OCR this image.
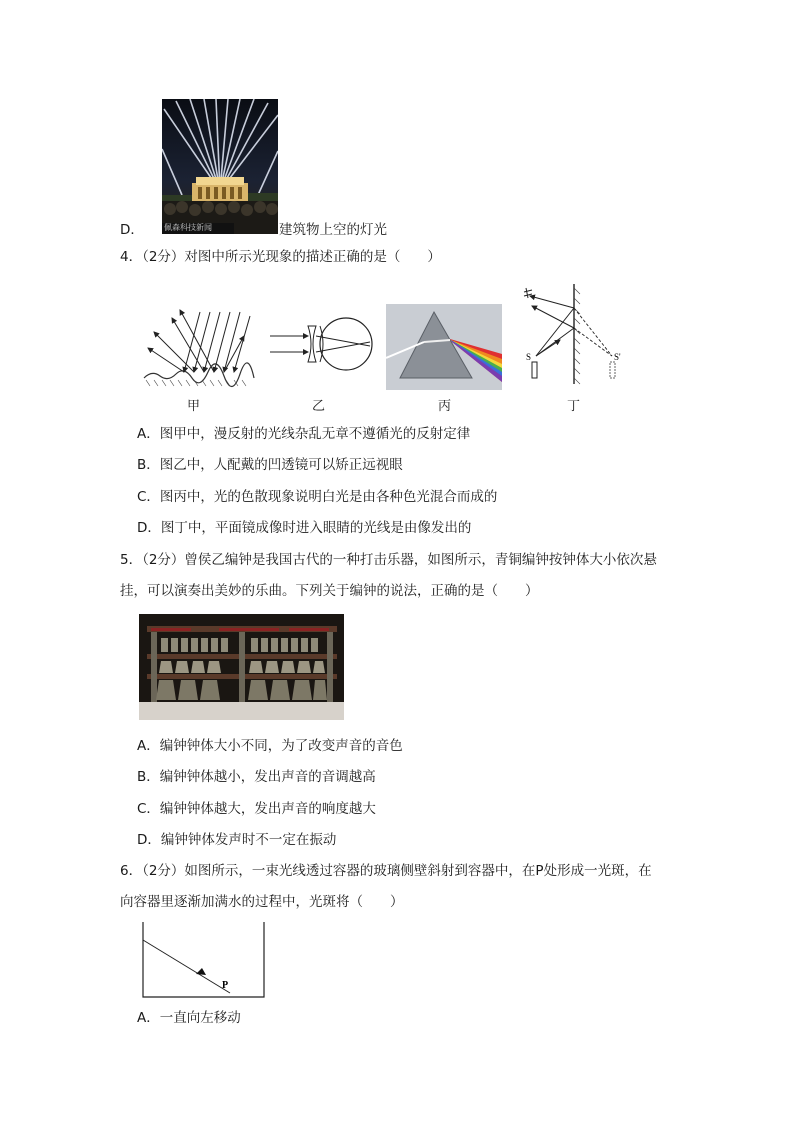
佩森科技新闻
D．	建筑物上空的灯光
4．（2分）对图中所示光现象的描述正确的是（　　）
甲	乙	丙
S	S'
丁
A．图甲中，漫反射的光线杂乱无章不遵循光的反射定律
B．图乙中，人配戴的凹透镜可以矫正远视眼
C．图丙中，光的色散现象说明白光是由各种色光混合而成的
D．图丁中，平面镜成像时进入眼睛的光线是由像发出的
5．（2分）曾侯乙编钟是我国古代的一种打击乐器，如图所示，青铜编钟按钟体大小依次悬
挂，可以演奏出美妙的乐曲。下列关于编钟的说法，正确的是（　　）
A．编钟钟体大小不同，为了改变声音的音色
B．编钟钟体越小，发出声音的音调越高
C．编钟钟体越大，发出声音的响度越大
D．编钟钟体发声时不一定在振动
6．（2分）如图所示，一束光线透过容器的玻璃侧壁斜射到容器中，在P处形成一光斑，在
向容器里逐渐加满水的过程中，光斑将（　　）
P
A．一直向左移动
